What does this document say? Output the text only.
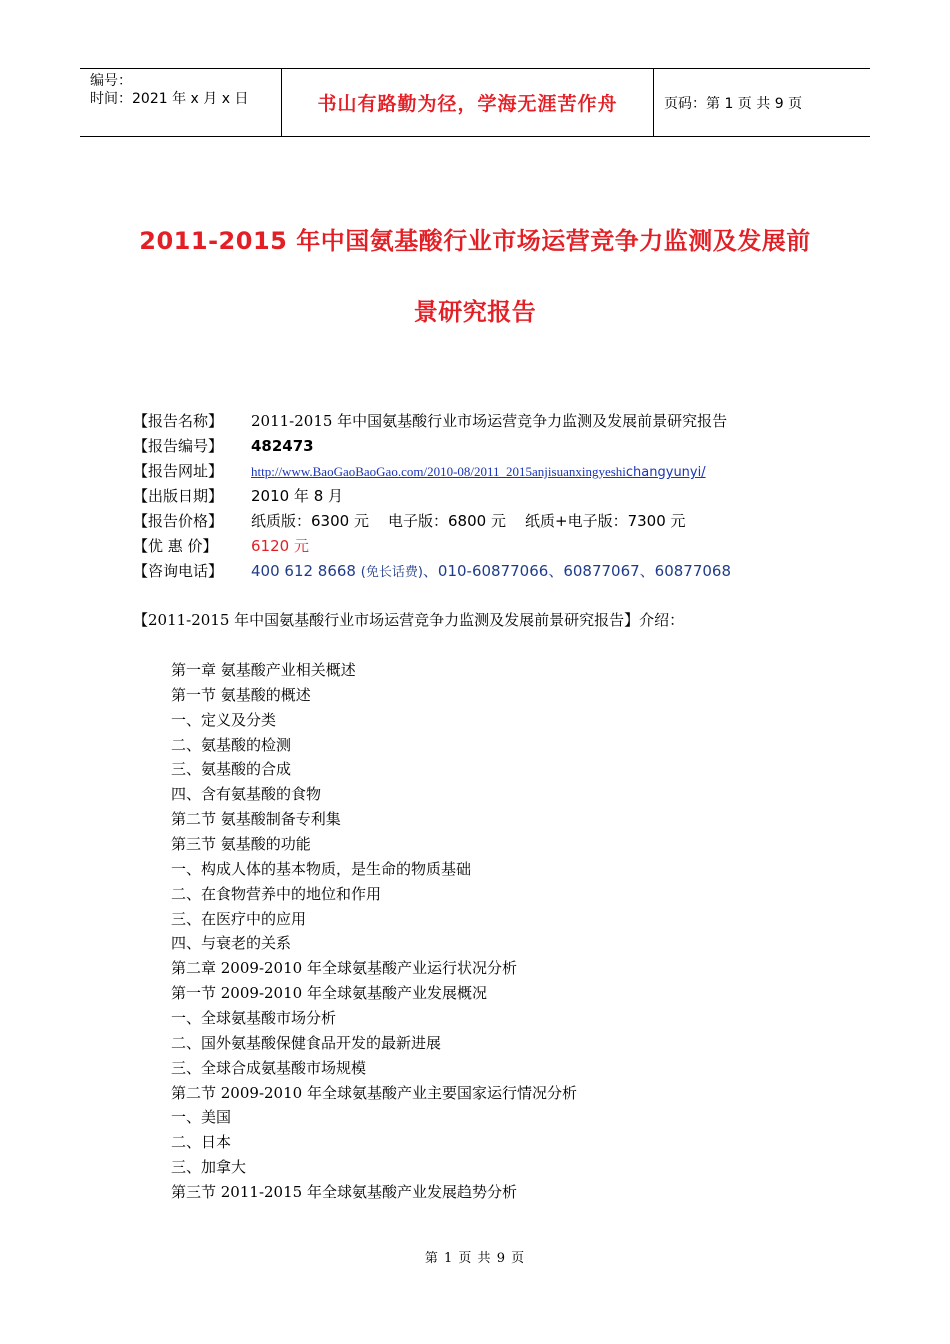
编号：
时间：2021 年 x 月 x 日	书山有路勤为径，学海无涯苦作舟	页码：第 1 页 共 9 页
2011-2015 年中国氨基酸行业市场运营竞争力监测及发展前
景研究报告
【报告名称】 2011-2015 年中国氨基酸行业市场运营竞争力监测及发展前景研究报告
【报告编号】 482473
【报告网址】 http://www.BaoGaoBaoGao.com/2010-08/2011_2015anjisuanxingyeshichangyunyi/
【出版日期】 2010 年 8 月
【报告价格】 纸质版：6300 元    电子版：6800 元    纸质+电子版：7300 元
【优 惠 价】 6120 元
【咨询电话】 400 612 8668 (免长话费)、010-60877066、60877067、60877068
【2011-2015 年中国氨基酸行业市场运营竞争力监测及发展前景研究报告】介绍：
第一章 氨基酸产业相关概述
第一节 氨基酸的概述
一、定义及分类
二、氨基酸的检测
三、氨基酸的合成
四、含有氨基酸的食物
第二节 氨基酸制备专利集
第三节 氨基酸的功能
一、构成人体的基本物质，是生命的物质基础
二、在食物营养中的地位和作用
三、在医疗中的应用
四、与衰老的关系
第二章 2009-2010 年全球氨基酸产业运行状况分析
第一节 2009-2010 年全球氨基酸产业发展概况
一、全球氨基酸市场分析
二、国外氨基酸保健食品开发的最新进展
三、全球合成氨基酸市场规模
第二节 2009-2010 年全球氨基酸产业主要国家运行情况分析
一、美国
二、日本
三、加拿大
第三节 2011-2015 年全球氨基酸产业发展趋势分析
第 1 页 共 9 页
